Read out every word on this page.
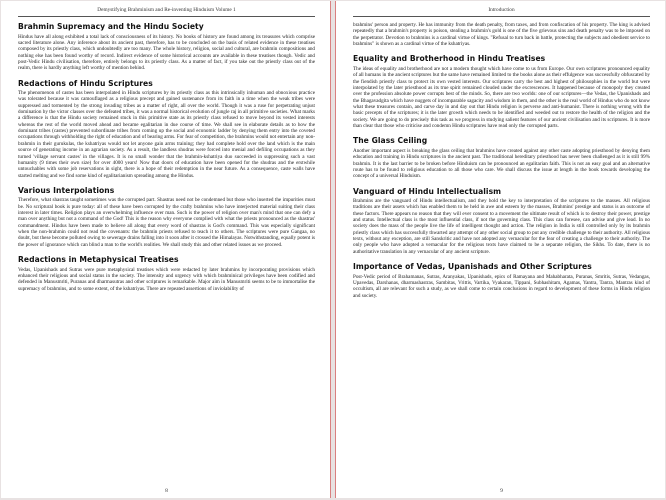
Demystifying Brahminism and Re-inventing Hinduism Volume 1
Brahmin Supremacy and the Hindu Society

Hindus have all along exhibited a total lack of consciousness of its history. No books of history are found among its treasures which comprise sacred literature alone. Any inference about its ancient past, therefore, has to be concluded on the basis of related evidence in these treatises composed by its priestly class, which undoubtedly are too many. The whole history, religion, social and cultural, are brahmin compositions and nothing else has been found worthy of record. Indirect evidence of some historical accounts are available in these treatises though. Vedic and post-Vedic Hindu civilisation, therefore, entirely belongs to its priestly class. As a matter of fact, if you take out the priestly class out of the realm, there is hardly anything left worthy of mention behind.

Redactions of Hindu Scriptures

The phenomenon of castes has been interpolated in Hindu scriptures by its priestly class as this intrinsically inhuman and obnoxious practice was tolerated because it was camouflaged as a religious precept and gained sustenance from its faith in a time when the weak tribes were suppressed and tormented by the strong invading tribes as a matter of right, all over the world. Though it was a ruse for perpetrating unjust domination by the victor classes over the defeated tribes, it was a normal historical evolution of jungle raj in all primitive societies. What marks a difference is that the Hindu society remained stuck in this primitive state as its priestly class refused to move beyond its vested interests whereas the rest of the world moved ahead and became egalitarian in due course of time. We shall see in elaborate details as to how the dominant tribes (castes) prevented subordinate tribes from coming up the social and economic ladder by denying them entry into the coveted occupations through withholding the right of education and of bearing arms. For fear of competition, the brahmins would not entertain any non-brahmin in their gurukulas, the kshatriyas would not let anyone gain arms training; they had complete hold over the land which is the main source of generating income in an agrarian society. As a result, the landless shudras were forced into menial and defiling occupations as they turned 'village servant castes' in the villages. It is no small wonder that the brahmin-kshatriya duo succeeded in suppressing such a vast humanity (9 times their own size) for over 4000 years! Now that doors of education have been opened for the shudras and the erstwhile untouchables with some job reservations in sight, there is a hope of their redemption in the near future. As a consequence, caste walls have started melting and we find some kind of egalitarianism spreading among the Hindus.

Various Interpolations

Therefore, what shastras taught sometimes was the corrupted part. Shastras need not be condemned but those who inserted the impurities must be. No scriptural book is pure today: all of these have been corrupted by the crafty brahmins who have interjected material suiting their class interest in later times. Religion plays an overwhelming influence over man. Such is the power of religion over man's mind that one can defy a man over anything but not a command of the God! This is the reason why everyone complied with what the priests pronounced as the shastras' commandment. Hindus have been made to believe all along that every word of shastras is God's command. This was especially significant when the non-brahmin could not read the covenants: the brahmin priests refused to teach it to others. The scriptures were pure Gangaa, no doubt, but these become polluted owing to sewerage drains falling into it soon after it crossed the Himalayas. Notwithstanding, equally potent is the power of ignorance which can blind a man to the world's realities. We shall study this and other related issues as we proceed.

Redactions in Metaphysical Treatises

Vedas, Upanishads and Sutras were pure metaphysical treatises which were redacted by later brahmins by incorporating provisions which enhanced their religious and social status in the society. The intensity and urgency with which brahminical privileges have been codified and defended in Manusmriti, Puranas and dharmasutras and other scriptures is remarkable. Major aim in Manusmriti seems to be to immortalise the supremacy of brahmins, and to some extent, of the kshatriyas. There are repeated assertions of inviolability of

8
Introduction

brahmins' person and property. He has immunity from the death penalty, from taxes, and from confiscation of his property. The king is advised repeatedly that a brahmin's property is poison, stealing a brahmin's gold is one of the five grievous sins and death penalty was to be imposed on the perpetrator. Devotion to brahmins is a cardinal virtue of kings. "Refusal to turn back in battle, protecting the subjects and obedient service to brahmins" is shown as a cardinal virtue of the kshatriyas.

Equality and Brotherhood in Hindu Treatises

The ideas of equality and brotherhood are not a modern thought which have come to us from Europe. Our own scriptures pronounced equality of all humans in the ancient scriptures but the same have remained limited to the books alone as their effulgence was successfully obfuscated by the fiendish priestly class to protect its own vested interests. Our scriptures carry the best and highest of philosophies in the world but were interpolated by the later priesthood as its true spirit remained clouded under the excrescences. It happened because of monopoly they created over the profession absolute power corrupts best of the minds. So, there are two worlds: one of our scriptures—the Vedas, the Upanishads and the Bhagavadgita which have nuggets of incomparable sagacity and wisdom in them, and the other is the real world of Hindus who do not know what these treasures contain, and carve day in and day out that Hindu religion is perverse and anti-humanist. There is nothing wrong with the basic precepts of the scriptures; it is the later growth which needs to be identified and weeded out to restore the health of the religion and the society. We are going to do precisely this task as we progress in studying salient features of our ancient civilisation and its scriptures. It is more than clear that those who criticise and condemn Hindu scriptures have read only the corrupted parts.

The Glass Ceiling

Another important aspect is breaking the glass ceiling that brahmins have created against any other caste adopting priesthood by denying them education and training in Hindu scriptures in the ancient past. The traditional hereditary priesthood has never been challenged as it is still 99% brahmin. It is the last barrier to be broken before Hinduism can be pronounced an egalitarian faith. This is not an easy goal and an alternative route has to be found to religious education to all those who care. We shall discuss the issue at length in the book towards developing the concept of a universal Hinduism.

Vanguard of Hindu Intellectualism

Brahmins are the vanguard of Hindu intellectualism, and they hold the key to interpretation of the scriptures to the masses. All religious traditions are their assets which has enabled them to be held in awe and esteem by the masses, Brahmins' prestige and status is an outcome of these factors. There appears no reason that they will ever consent to a movement the ultimate result of which is to destroy their power, prestige and status. Intellectual class is the most influential class, if not the governing class. This class can foresee, can advise and give lead. In no society does the mass of the people live the life of intelligent thought and action. The religion in India is still controlled only by its brahmin priestly class which has successfully thwarted any attempt of any other social group to put any credible challenge to their authority. All religious texts, without any exception, are still Sanskritic and have not adopted any vernacular for the fear of creating a challenge to their authority. The only people who have adopted a vernacular for the religious texts have claimed to be a separate religion, the Sikhs. To date, there is no authoritative translation in any vernacular of any ancient scripture.

Importance of Vedas, Upanishads and Other Scriptures

Post-Vedic period of Brahamanas, Sutras, Aranyakas, Upanishads, epics of Ramayana and Mahabharata, Puranas, Smritis, Sutras, Vedangas, Upavedas, Darshanas, dharmashastras, Sambitas, Vrittis, Vartika, Vyakaran, Tippani, Subhashitam, Agamas, Yantra, Tantra, Mantras kind of occultism, all are relevant for such a study, as we shall come to certain conclusions in regard to development of these forms in Hindu religion and society.

9
